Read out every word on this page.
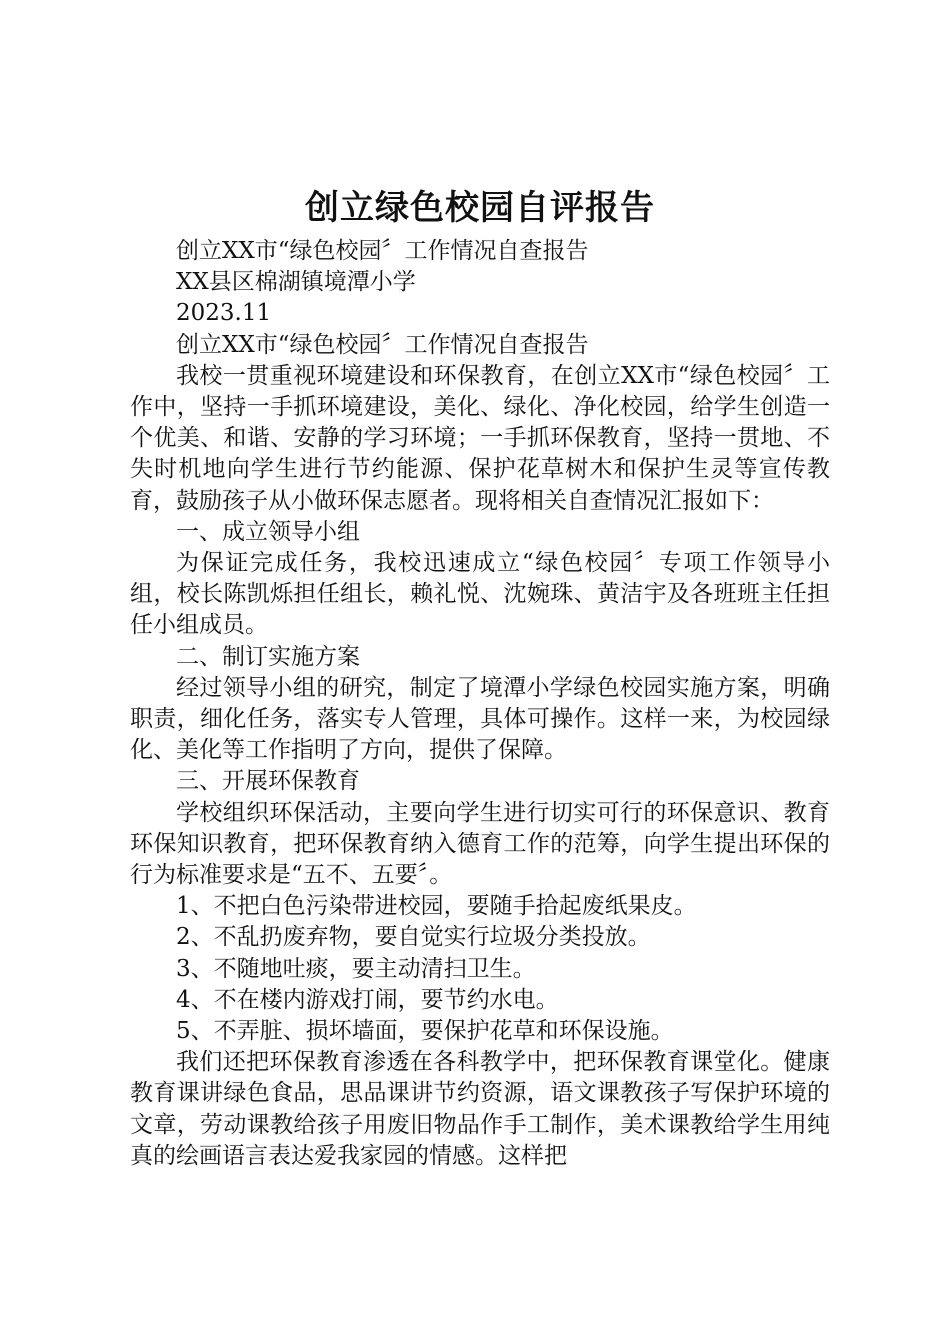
创立绿色校园自评报告

创立XX市“绿色校园〞工作情况自查报告

XX县区棉湖镇境潭小学

2023.11

创立XX市“绿色校园〞工作情况自查报告

我校一贯重视环境建设和环保教育，在创立XX市“绿色校园〞工作中，坚持一手抓环境建设，美化、绿化、净化校园，给学生创造一个优美、和谐、安静的学习环境；一手抓环保教育，坚持一贯地、不失时机地向学生进行节约能源、保护花草树木和保护生灵等宣传教育，鼓励孩子从小做环保志愿者。现将相关自查情况汇报如下：

一、成立领导小组

为保证完成任务，我校迅速成立“绿色校园〞专项工作领导小组，校长陈凯烁担任组长，赖礼悦、沈婉珠、黄洁宇及各班班主任担任小组成员。

二、制订实施方案

经过领导小组的研究，制定了境潭小学绿色校园实施方案，明确职责，细化任务，落实专人管理，具体可操作。这样一来，为校园绿化、美化等工作指明了方向，提供了保障。

三、开展环保教育

学校组织环保活动，主要向学生进行切实可行的环保意识、教育环保知识教育，把环保教育纳入德育工作的范筹，向学生提出环保的行为标准要求是“五不、五要〞。

1、不把白色污染带进校园，要随手拾起废纸果皮。

2、不乱扔废弃物，要自觉实行垃圾分类投放。

3、不随地吐痰，要主动清扫卫生。

4、不在楼内游戏打闹，要节约水电。

5、不弄脏、损坏墙面，要保护花草和环保设施。

我们还把环保教育渗透在各科教学中，把环保教育课堂化。健康教育课讲绿色食品，思品课讲节约资源，语文课教孩子写保护环境的文章，劳动课教给孩子用废旧物品作手工制作，美术课教给学生用纯真的绘画语言表达爱我家园的情感。这样把
